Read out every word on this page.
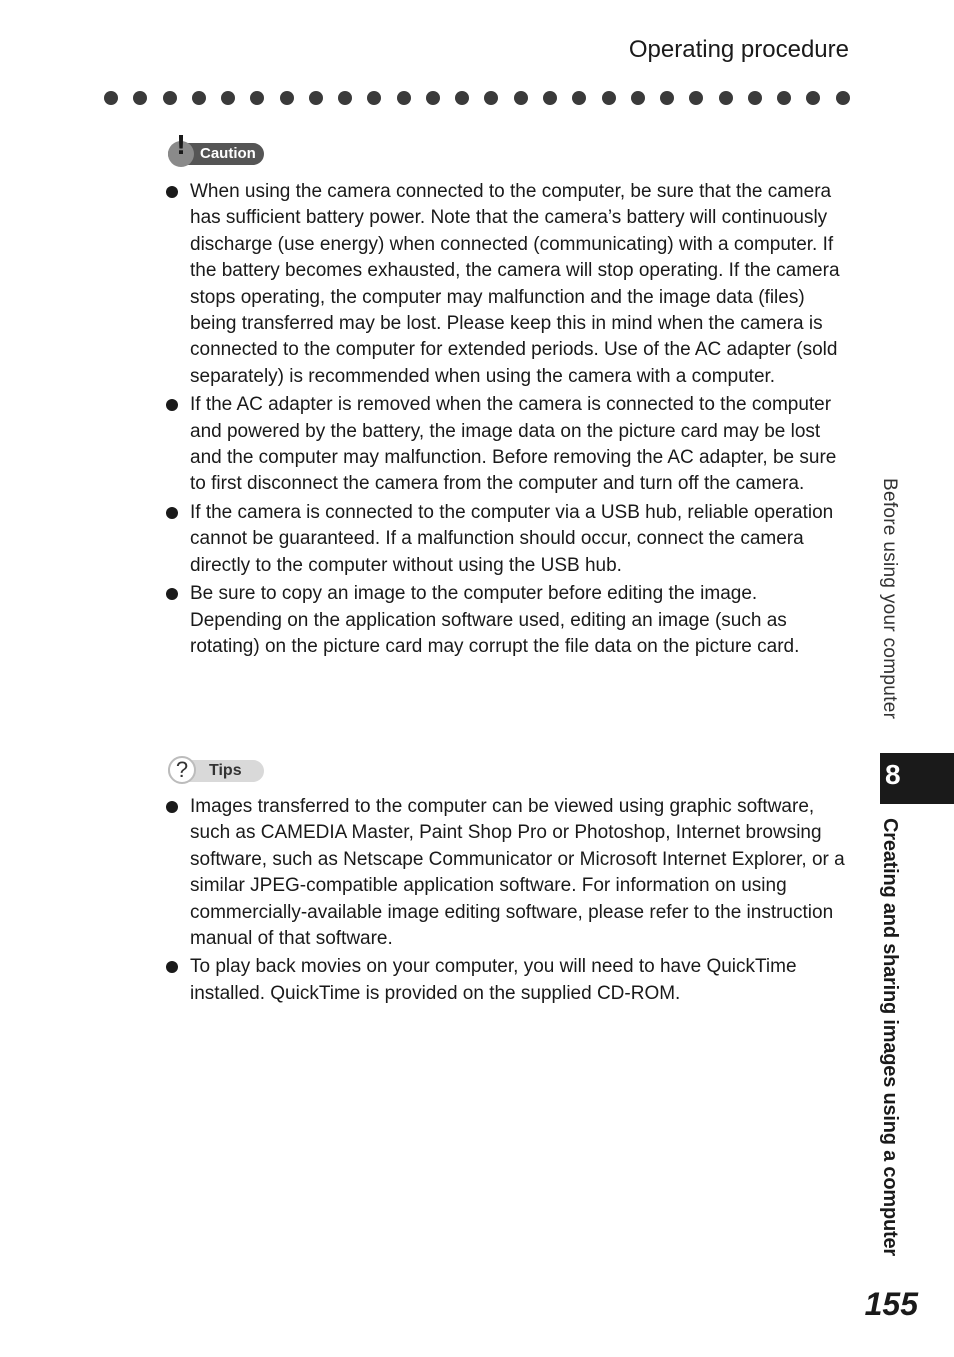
Operating procedure
! Caution
When using the camera connected to the computer, be sure that the camera has sufficient battery power. Note that the camera’s battery will continuously discharge (use energy) when connected (communicating) with a computer. If the battery becomes exhausted, the camera will stop operating. If the camera stops operating, the computer may malfunction and the image data (files) being transferred may be lost. Please keep this in mind when the camera is connected to the computer for extended periods. Use of the AC adapter (sold separately) is recommended when using the camera with a computer.
If the AC adapter is removed when the camera is connected to the computer and powered by the battery, the image data on the picture card may be lost and the computer may malfunction. Before removing the AC adapter, be sure to first disconnect the camera from the computer and turn off the camera.
If the camera is connected to the computer via a USB hub, reliable operation cannot be guaranteed. If a malfunction should occur, connect the camera directly to the computer without using the USB hub.
Be sure to copy an image to the computer before editing the image. Depending on the application software used, editing an image (such as rotating) on the picture card may corrupt the file data on the picture card.
?	Tips
Images transferred to the computer can be viewed using graphic software, such as CAMEDIA Master, Paint Shop Pro or Photoshop, Internet browsing software, such as Netscape Communicator or Microsoft Internet Explorer, or a similar JPEG-compatible application software. For information on using commercially-available image editing software, please refer to the instruction manual of that software.
To play back movies on your computer, you will need to have QuickTime installed. QuickTime is provided on the supplied CD-ROM.
Before using your computer
8
Creating and sharing images using a computer
155
